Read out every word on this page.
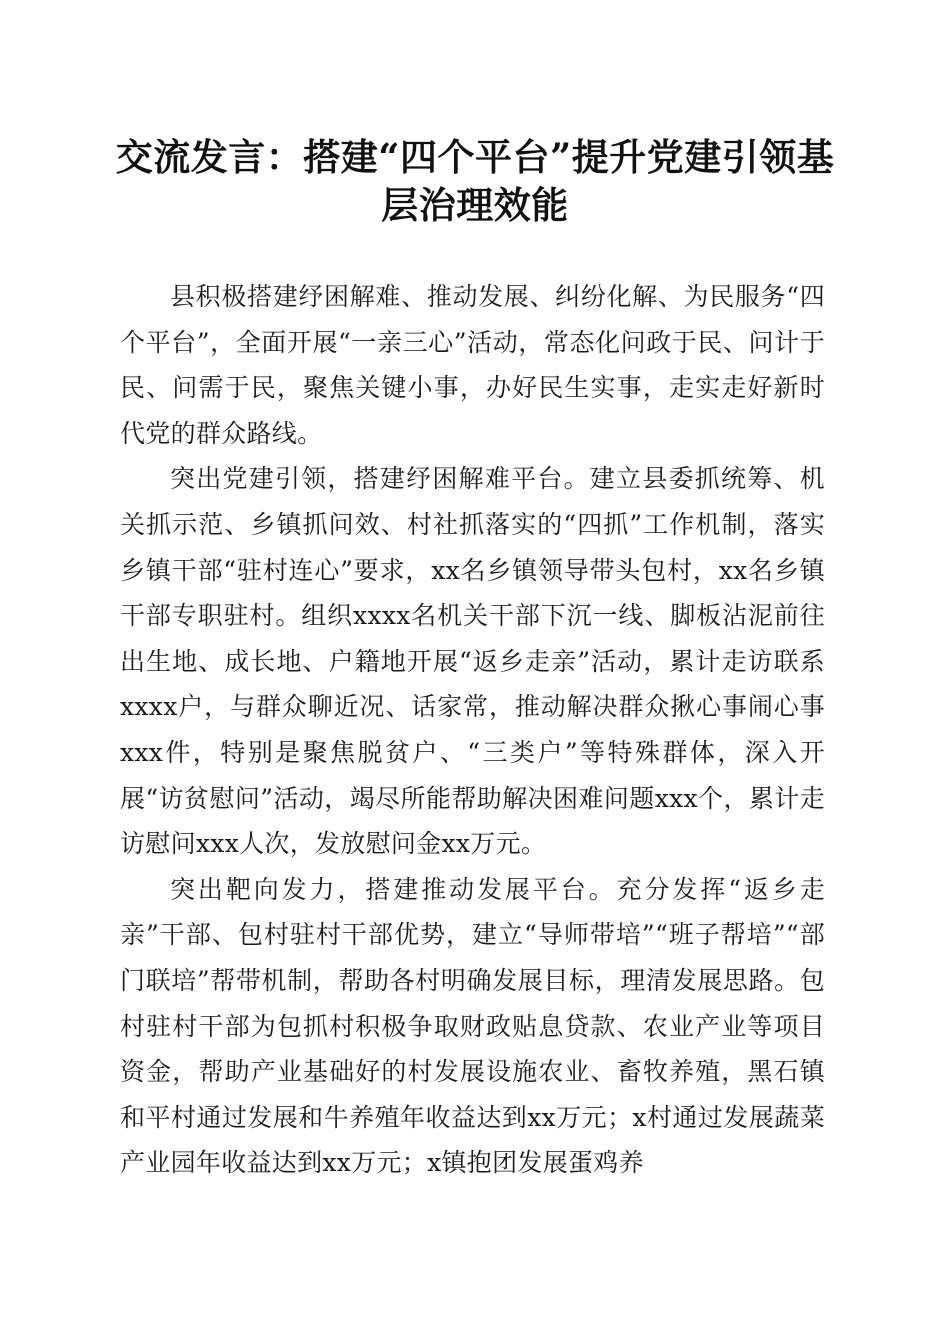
交流发言：搭建“四个平台”提升党建引领基层治理效能

县积极搭建纾困解难、推动发展、纠纷化解、为民服务“四个平台”，全面开展“一亲三心”活动，常态化问政于民、问计于民、问需于民，聚焦关键小事，办好民生实事，走实走好新时代党的群众路线。

突出党建引领，搭建纾困解难平台。建立县委抓统筹、机关抓示范、乡镇抓问效、村社抓落实的“四抓”工作机制，落实乡镇干部“驻村连心”要求，xx名乡镇领导带头包村，xx名乡镇干部专职驻村。组织xxxx名机关干部下沉一线、脚板沾泥前往出生地、成长地、户籍地开展“返乡走亲”活动，累计走访联系xxxx户，与群众聊近况、话家常，推动解决群众揪心事闹心事xxx件，特别是聚焦脱贫户、“三类户”等特殊群体，深入开展“访贫慰问”活动，竭尽所能帮助解决困难问题xxx个，累计走访慰问xxx人次，发放慰问金xx万元。

突出靶向发力，搭建推动发展平台。充分发挥“返乡走亲”干部、包村驻村干部优势，建立“导师带培”“班子帮培”“部门联培”帮带机制，帮助各村明确发展目标，理清发展思路。包村驻村干部为包抓村积极争取财政贴息贷款、农业产业等项目资金，帮助产业基础好的村发展设施农业、畜牧养殖，黑石镇和平村通过发展和牛养殖年收益达到xx万元；x村通过发展蔬菜产业园年收益达到xx万元；x镇抱团发展蛋鸡养
